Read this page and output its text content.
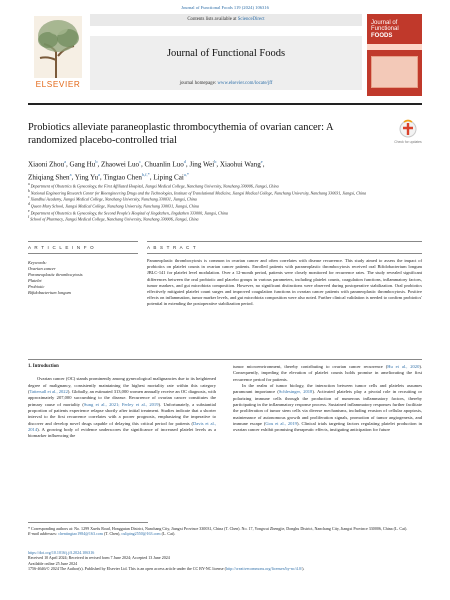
Journal of Functional Foods 119 (2024) 106316
ELSEVIER
Contents lists available at ScienceDirect
Journal of Functional Foods
journal homepage: www.elsevier.com/locate/jff
Journal of
Functional
FOODS
Probiotics alleviate paraneoplastic thrombocythemia of ovarian cancer: A randomized placebo-controlled trial	Check for updates
Xiaoni Zhou$^a$, Gang Hu$^b$, Zhaowei Luo$^c$, Chuanlin Luo$^d$, Jing Wei$^b$, Xiaohui Wang$^e$,
Zhiqiang Shen$^a$, Ying Yu$^a$, Tingtao Chen$^{b,f,*}$, Liping Cai$^{a,*}$
$^a$ Department of Obstetrics & Gynecology, the First Affiliated Hospital, Jiangxi Medical College, Nanchang University, Nanchang 330006, Jiangxi, China
$^b$ National Engineering Research Center for Bioengineering Drugs and the Technologies, Institute of Translational Medicine, Jiangxi Medical College, Nanchang University, Nanchang 330031, Jiangxi, China
$^c$ Xiandhui Academy, Jiangxi Medical College, Nanchang University, Nanchang 330031, Jiangxi, China
$^d$ Queen Mary School, Jiangxi Medical College, Nanchang University, Nanchang 330031, Jiangxi, China
$^e$ Department of Obstetrics & Gynecology, the Second People's Hospital of Jingdezhen, Jingdezhen 333000, Jiangxi, China
$^f$ School of Pharmacy, Jiangxi Medical College, Nanchang University, Nanchang 330006, Jiangxi, China
A R T I C L E I N F O	A B S T R A C T
Keywords:
Ovarian cancer
Paraneoplastic thrombocytosis
Platelet
Probiotic
Bifidobacterium longum
Paraneoplastic thrombocytosis is common in ovarian cancer and often correlates with disease recurrence. This study aimed to assess the impact of probiotics on platelet counts in ovarian cancer patients. Enrolled patients with paraneoplastic thrombocytosis received oral Bifidobacterium longum JBLC-141 for platelet level modulation. Over a 12-month period, patients were closely monitored for recurrence rates. The study revealed significant differences between the oral probiotic and placebo groups in various parameters, including platelet counts, coagulation functions, inflammatory factors, tumor markers, and gut microbiota composition. However, no significant distinctions were observed during postoperative stabilization. Oral probiotics effectively mitigated platelet count surges and improved coagulation functions in ovarian cancer patients with paraneoplastic thrombocytosis. Positive effects on inflammation, tumor marker levels, and gut microbiota composition were also noted. Further clinical validation is needed to confirm probiotics' potential in extending the postoperative stabilization period.
1. Introduction

Ovarian cancer (OC) stands prominently among gynecological malignancies due to its heightened degree of malignancy, consistently maintaining the highest mortality rate within this category (Tattersall et al., 2022). Globally, an estimated 313,000 women annually receive an OC diagnosis, with approximately 207,000 succumbing to the disease. Recurrence of ovarian cancer constitutes the primary cause of mortality (Sung et al., 2021; Ferley et al., 2019). Unfortunately, a substantial proportion of patients experience relapse shortly after initial treatment. Studies indicate that a shorter interval to the first recurrence correlates with a poorer prognosis, emphasizing the imperative to discover and develop novel drugs capable of delaying this critical period for patients (Davis et al., 2014). A growing body of evidence underscores the significance of increased platelet levels as a biomarker influencing the

tumor microenvironment, thereby contributing to ovarian cancer recurrence (Hu et al., 2020). Consequently, impeding the elevation of platelet counts holds promise in ameliorating the first recurrence period for patients.

In the realm of tumor biology, the interaction between tumor cells and platelets assumes paramount importance (Schlesinger, 2018). Activated platelets play a pivotal role in recruiting or polarizing immune cells through the production of numerous inflammatory factors, thereby participating in the inflammatory response process. Sustained inflammatory responses further facilitate the proliferation of tumor stem cells via diverse mechanisms, including evasion of cellular apoptosis, maintenance of autonomous growth and proliferation signals, promotion of tumor angiogenesis, and immune escape (Gou et al., 2019). Clinical trials targeting factors regulating platelet production in ovarian cancer exhibit promising therapeutic effects, instigating anticipation for future

* Corresponding authors at: No. 1299 Xuefu Road, Honggutan District, Nanchang City, Jiangxi Province 330031, China (T. Chen). No. 17, Yongwai Zhengjie, Donghu District, Nanchang City, Jiangxi Province 330006, China (L. Cai).
E-mail addresses: chentingtao1984@163.com (T. Chen), culiping2550@163.com (L. Cai).
https://doi.org/10.1016/j.jff.2024.106316
Received 10 April 2024; Received in revised form 7 June 2024; Accepted 13 June 2024
Available online 25 June 2024
1756-4646/© 2024 The Author(s). Published by Elsevier Ltd. This is an open access article under the CC BY-NC license (http://creativecommons.org/licenses/by-nc/4.0/).
